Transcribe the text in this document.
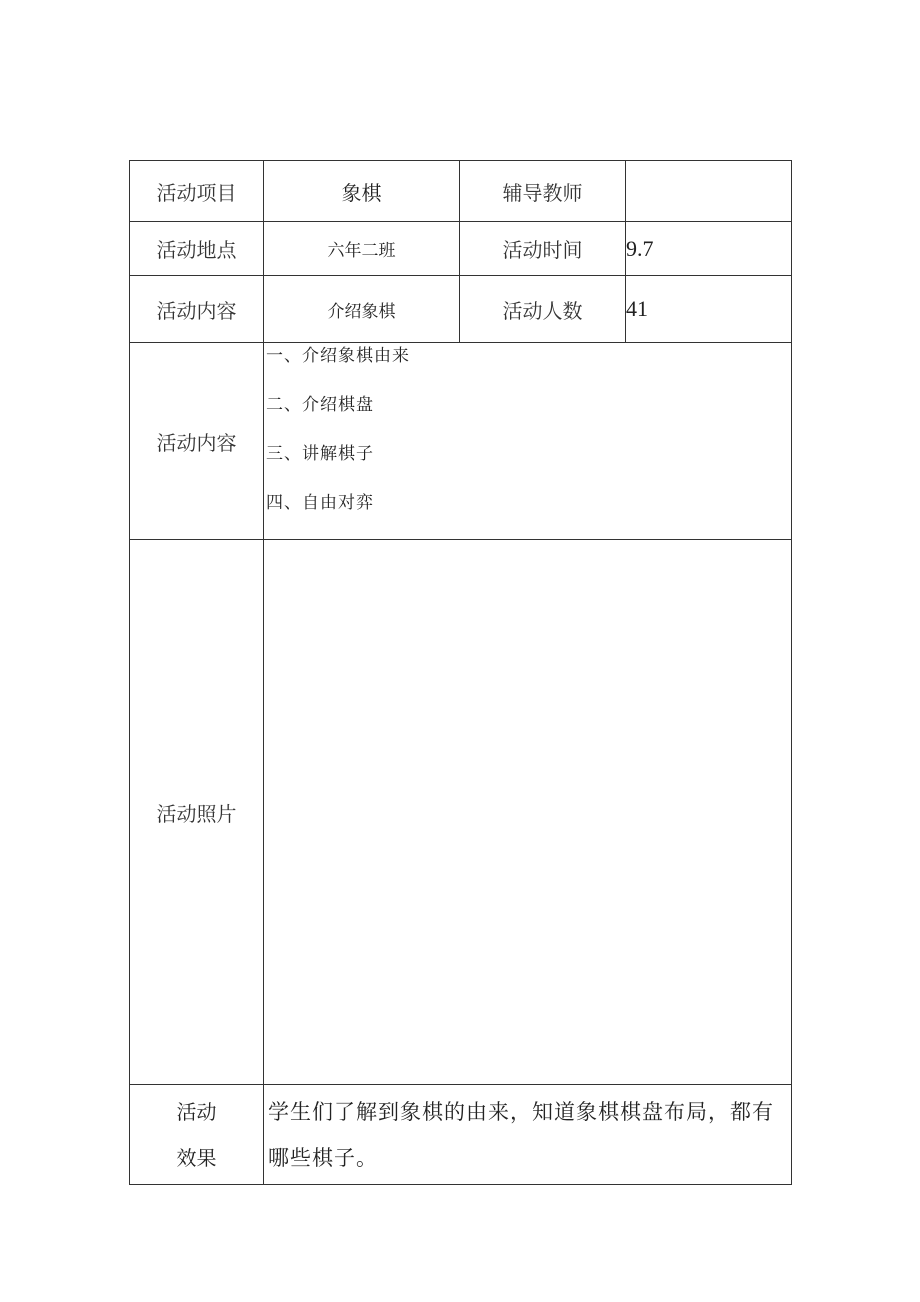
活动项目	象棋	辅导教师	
活动地点	六年二班	活动时间	9.7
活动内容	介绍象棋	活动人数	41
活动内容	一、介绍象棋由来
二、介绍棋盘
三、讲解棋子
四、自由对弈		

活动照片			

活动
效果	学生们了解到象棋的由来，知道象棋棋盘布局，都有哪些棋子。		
